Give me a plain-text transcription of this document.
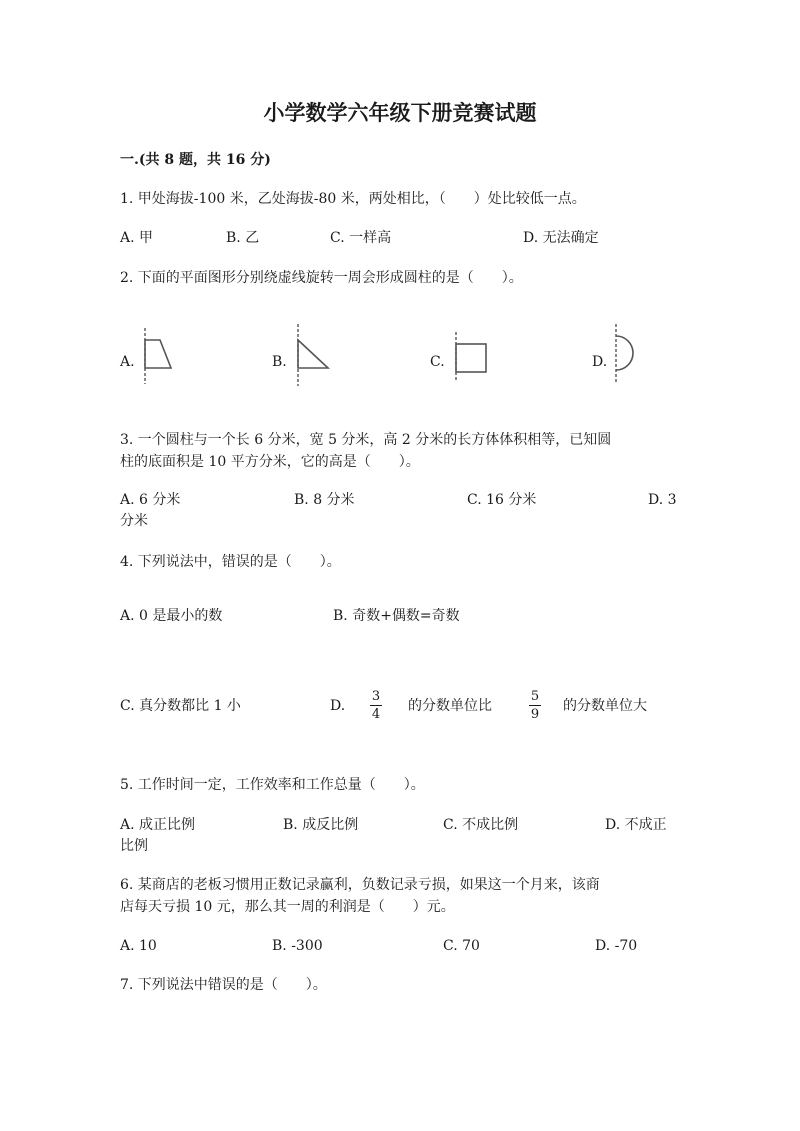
小学数学六年级下册竞赛试题
一.(共 8 题，共 16 分)
1. 甲处海拔-100 米，乙处海拔-80 米，两处相比，（　　）处比较低一点。
A. 甲	B. 乙	C. 一样高	D. 无法确定
2. 下面的平面图形分别绕虚线旋转一周会形成圆柱的是（　　）。
A.	B.	C.	D.
3. 一个圆柱与一个长 6 分米，宽 5 分米，高 2 分米的长方体体积相等，已知圆
柱的底面积是 10 平方分米，它的高是（　　）。
A. 6 分米	B. 8 分米	C. 16 分米	D. 3
分米
4. 下列说法中，错误的是（　　）。
A. 0 是最小的数	B. 奇数+偶数=奇数
C. 真分数都比 1 小	D.
3
4
的分数单位比
5
9
的分数单位大
5. 工作时间一定，工作效率和工作总量（　　）。
A. 成正比例	B. 成反比例	C. 不成比例	D. 不成正
比例
6. 某商店的老板习惯用正数记录赢利，负数记录亏损，如果这一个月来，该商
店每天亏损 10 元，那么其一周的利润是（　　）元。
A. 10	B. -300	C. 70	D. -70
7. 下列说法中错误的是（　　）。
